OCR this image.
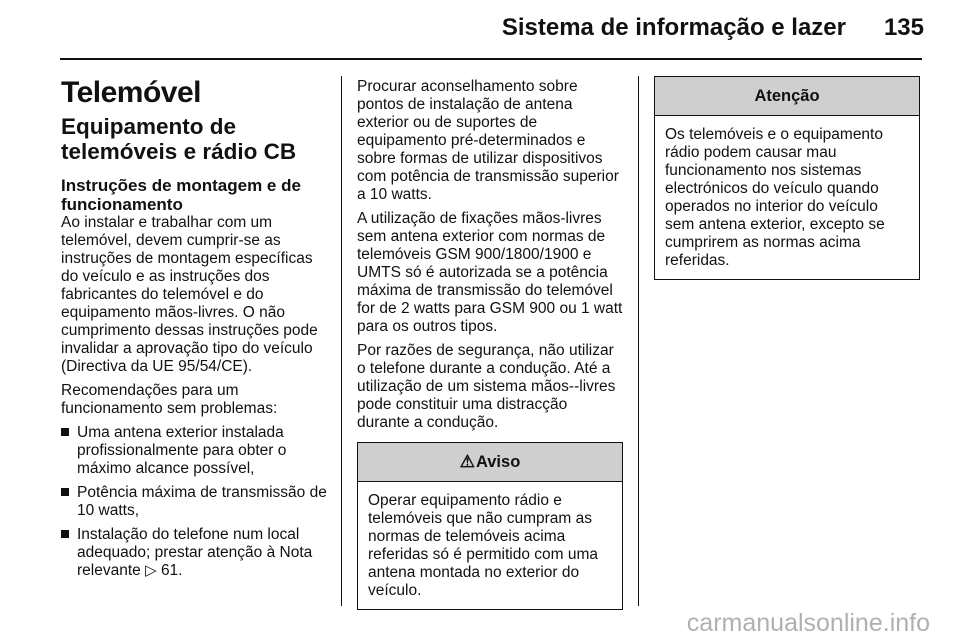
Sistema de informação e lazer 135
Telemóvel
Equipamento de telemóveis e rádio CB
Instruções de montagem e de funcionamento

Ao instalar e trabalhar com um telemóvel, devem cumprir-se as instruções de montagem específicas do veículo e as instruções dos fabricantes do telemóvel e do equipamento mãos-livres. O não cumprimento dessas instruções pode invalidar a aprovação tipo do veículo (Directiva da UE 95/54/CE).

Recomendações para um funcionamento sem problemas:

Uma antena exterior instalada profissionalmente para obter o máximo alcance possível,
Potência máxima de transmissão de 10 watts,
Instalação do telefone num local adequado; prestar atenção à Nota relevante ▷ 61.

Procurar aconselhamento sobre pontos de instalação de antena exterior ou de suportes de equipamento pré-determinados e sobre formas de utilizar dispositivos com potência de transmissão superior a 10 watts.

A utilização de fixações mãos-livres sem antena exterior com normas de telemóveis GSM 900/1800/1900 e UMTS só é autorizada se a potência máxima de transmissão do telemóvel for de 2 watts para GSM 900 ou 1 watt para os outros tipos.

Por razões de segurança, não utilizar o telefone durante a condução. Até a utilização de um sistema mãos--livres pode constituir uma distracção durante a condução.

⚠Aviso
Operar equipamento rádio e telemóveis que não cumpram as normas de telemóveis acima referidas só é permitido com uma antena montada no exterior do veículo.
Atenção
Os telemóveis e o equipamento rádio podem causar mau funcionamento nos sistemas electrónicos do veículo quando operados no interior do veículo sem antena exterior, excepto se cumprirem as normas acima referidas.
carmanualsonline.info
